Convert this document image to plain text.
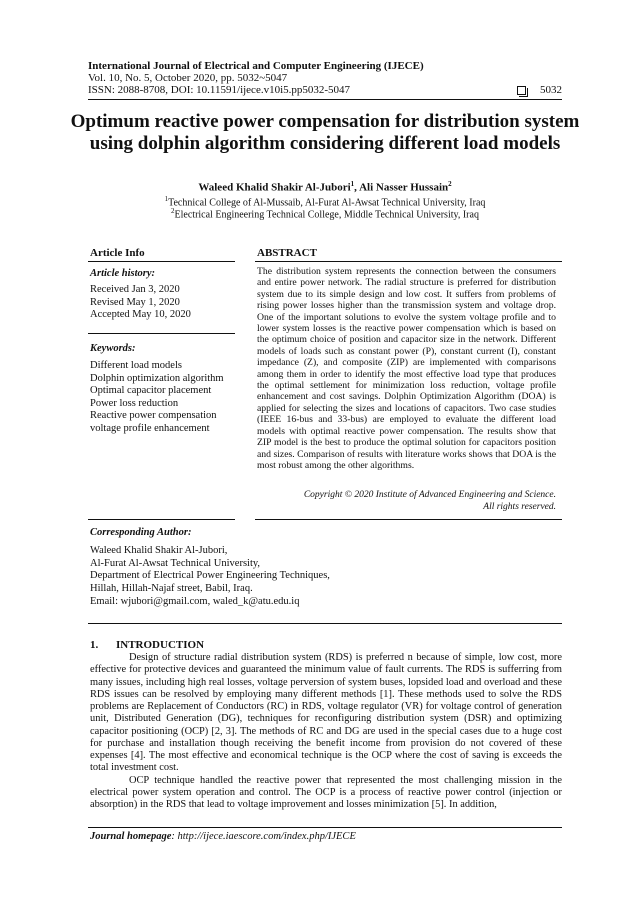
International Journal of Electrical and Computer Engineering (IJECE)
Vol. 10, No. 5, October 2020, pp. 5032~5047
ISSN: 2088-8708, DOI: 10.11591/ijece.v10i5.pp5032-5047	5032
Optimum reactive power compensation for distribution system using dolphin algorithm considering different load models
Waleed Khalid Shakir Al-Jubori$^1$, Ali Nasser Hussain$^2$
$^1$Technical College of Al-Mussaib, Al-Furat Al-Awsat Technical University, Iraq
$^2$Electrical Engineering Technical College, Middle Technical University, Iraq
Article Info	ABSTRACT
Article history:
Received Jan 3, 2020
Revised May 1, 2020
Accepted May 10, 2020
Keywords:
Different load models
Dolphin optimization algorithm
Optimal capacitor placement
Power loss reduction
Reactive power compensation
voltage profile enhancement
The distribution system represents the connection between the consumers and entire power network. The radial structure is preferred for distribution system due to its simple design and low cost. It suffers from problems of rising power losses higher than the transmission system and voltage drop. One of the important solutions to evolve the system voltage profile and to lower system losses is the reactive power compensation which is based on the optimum choice of position and capacitor size in the network. Different models of loads such as constant power (P), constant current (I), constant impedance (Z), and composite (ZIP) are implemented with comparisons among them in order to identify the most effective load type that produces the optimal settlement for minimization loss reduction, voltage profile enhancement and cost savings. Dolphin Optimization Algorithm (DOA) is applied for selecting the sizes and locations of capacitors. Two case studies (IEEE 16-bus and 33-bus) are employed to evaluate the different load models with optimal reactive power compensation. The results show that ZIP model is the best to produce the optimal solution for capacitors position and sizes. Comparison of results with literature works shows that DOA is the most robust among the other algorithms.
Copyright © 2020 Institute of Advanced Engineering and Science.
All rights reserved.
Corresponding Author:
Waleed Khalid Shakir Al-Jubori,
Al-Furat Al-Awsat Technical University,
Department of Electrical Power Engineering Techniques,
Hillah, Hillah-Najaf street, Babil, Iraq.
Email: wjubori@gmail.com, waled_k@atu.edu.iq
1. INTRODUCTION

Design of structure radial distribution system (RDS) is preferred n because of simple, low cost, more effective for protective devices and guaranteed the minimum value of fault currents. The RDS is sufferring from many issues, including high real losses, voltage perversion of system buses, lopsided load and overload and these RDS issues can be resolved by employing many different methods [1]. These methods used to solve the RDS problems are Replacement of Conductors (RC) in RDS, voltage regulator (VR) for voltage control of generation unit, Distributed Generation (DG), techniques for reconfiguring distribution system (DSR) and optimizing capacitor positioning (OCP) [2, 3]. The methods of RC and DG are used in the special cases due to a huge cost for purchase and installation though receiving the benefit income from provision do not covered of these expenses [4]. The most effective and economical technique is the OCP where the cost of saving is exceeds the total investment cost.

OCP technique handled the reactive power that represented the most challenging mission in the electrical power system operation and control. The OCP is a process of reactive power control (injection or absorption) in the RDS that lead to voltage improvement and losses minimization [5]. In addition,

Journal homepage: http://ijece.iaescore.com/index.php/IJECE
